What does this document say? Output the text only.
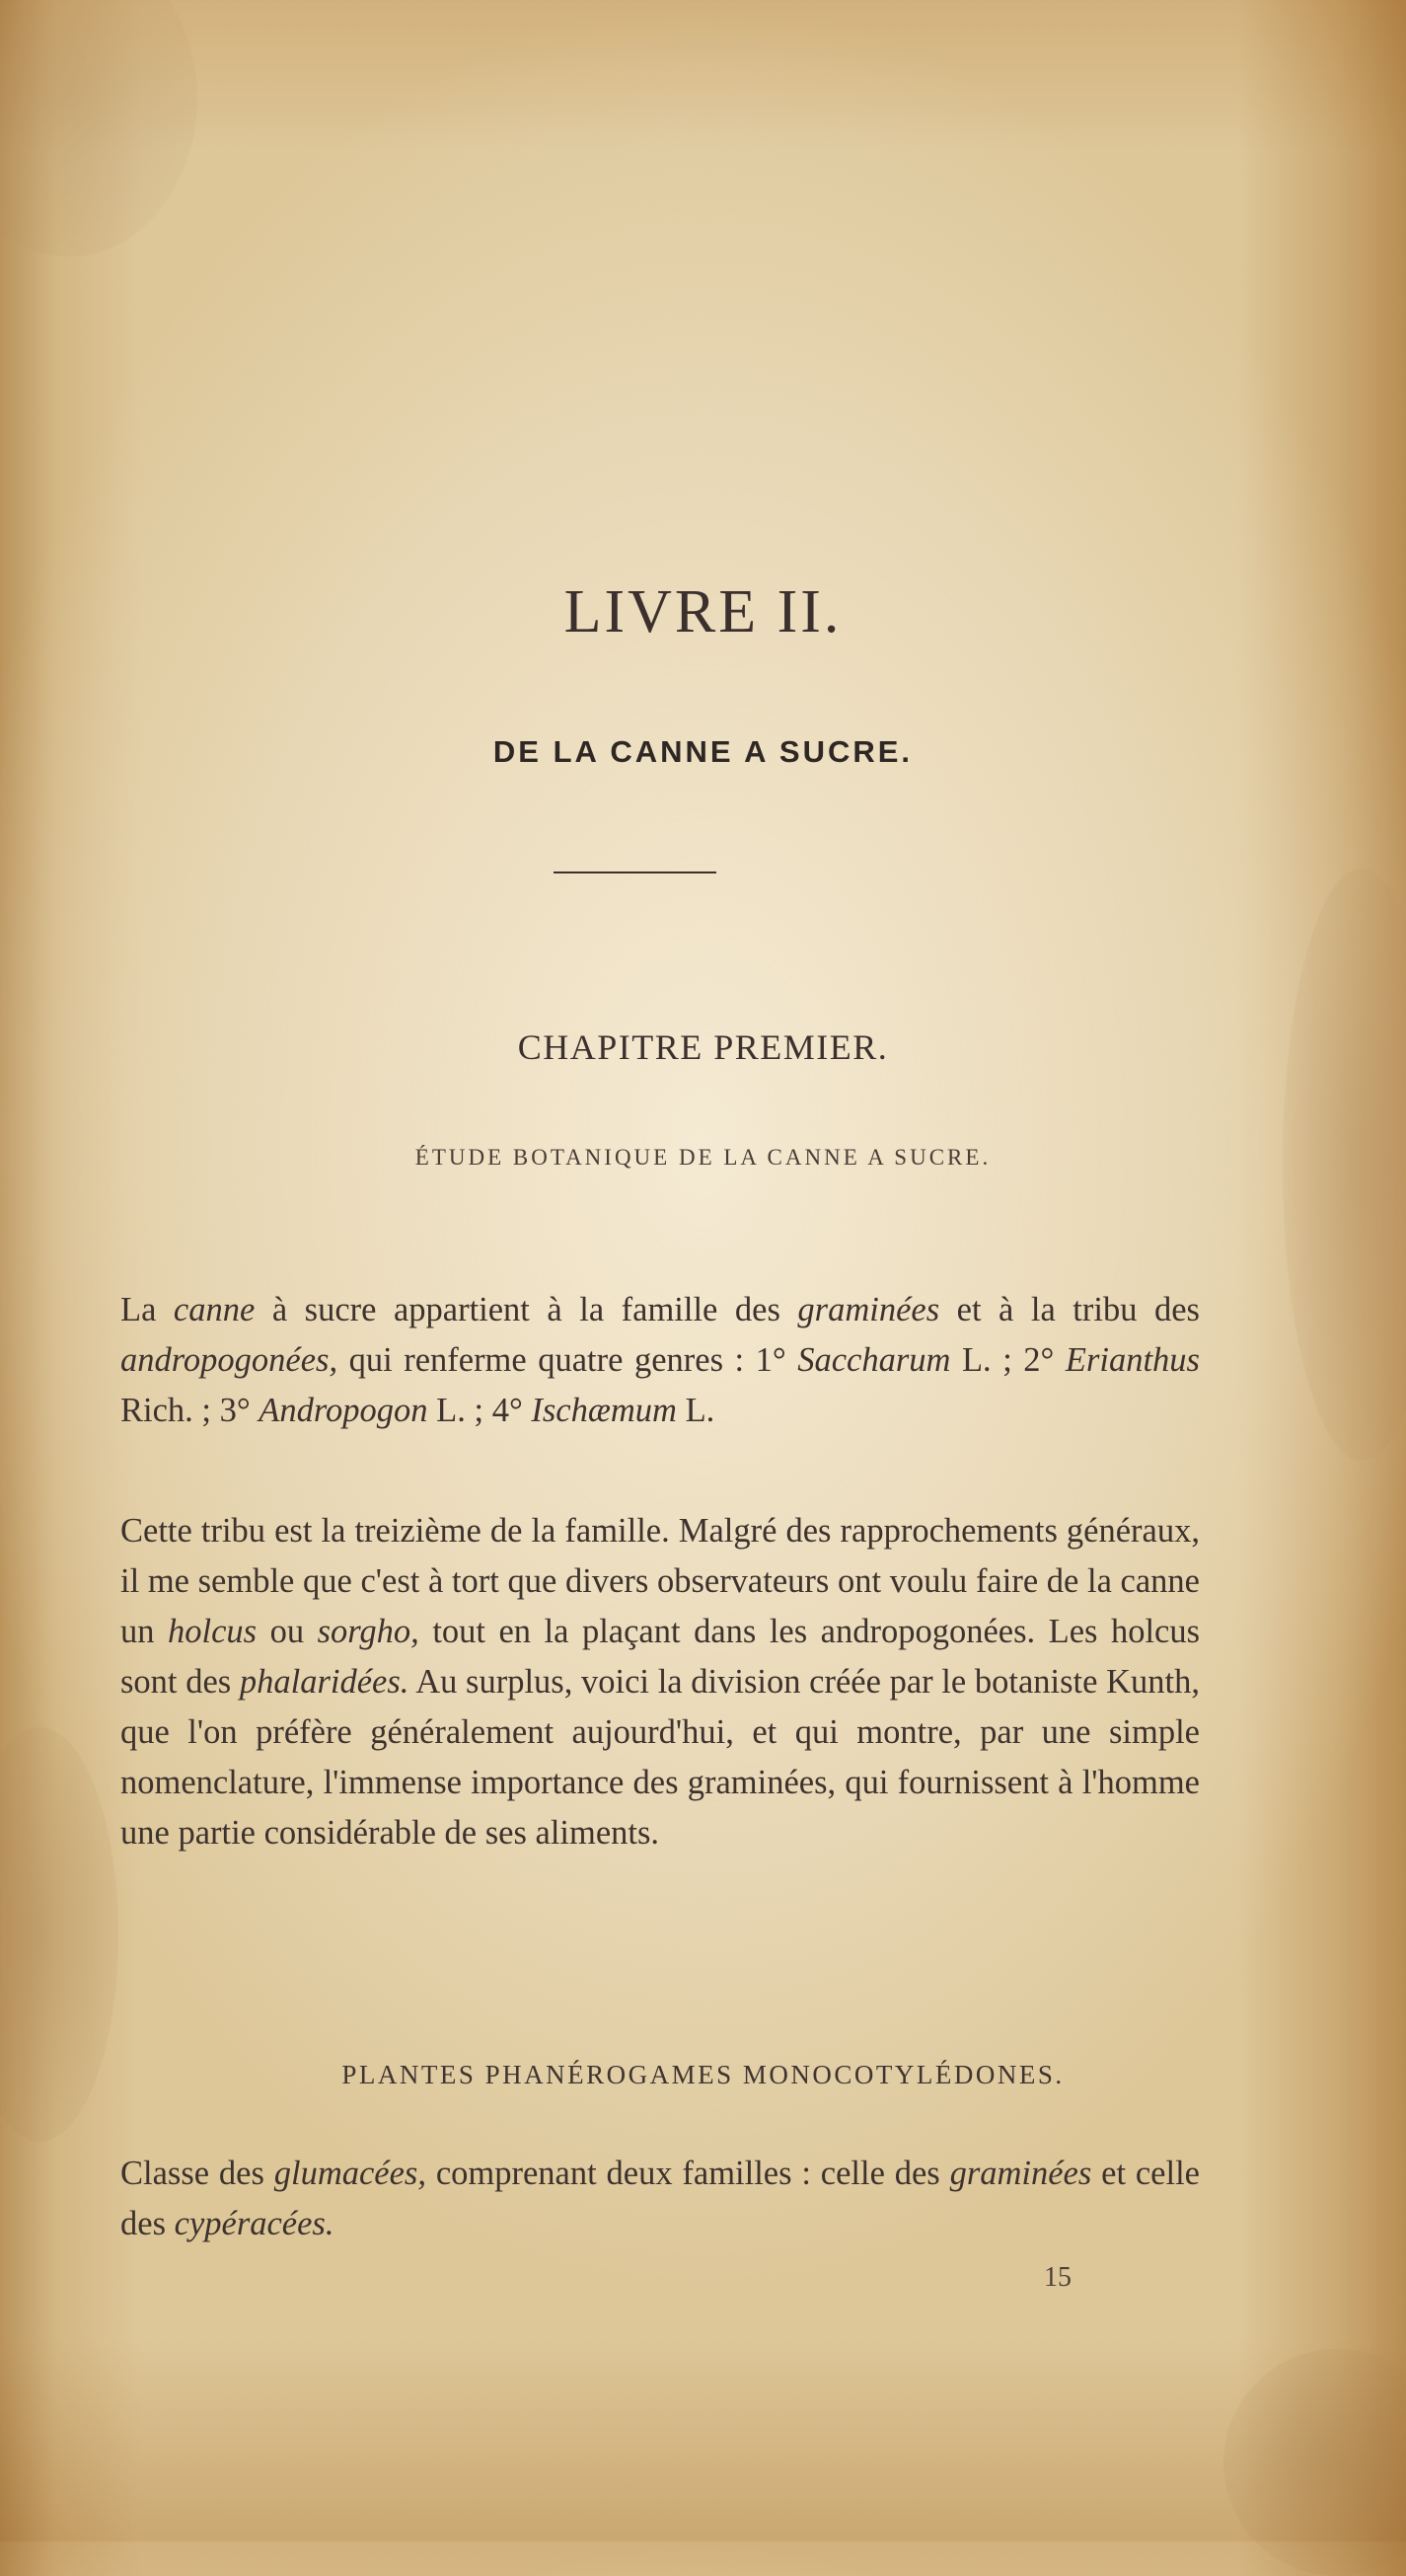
LIVRE II.
DE LA CANNE A SUCRE.
CHAPITRE PREMIER.
ÉTUDE BOTANIQUE DE LA CANNE A SUCRE.

La canne à sucre appartient à la famille des graminées et à la tribu des andropogonées, qui renferme quatre genres : 1° Saccharum L. ; 2° Erianthus Rich. ; 3° Andropogon L. ; 4° Ischæmum L.

Cette tribu est la treizième de la famille. Malgré des rapprochements généraux, il me semble que c'est à tort que divers observateurs ont voulu faire de la canne un holcus ou sorgho, tout en la plaçant dans les andropogonées. Les holcus sont des phalaridées. Au surplus, voici la division créée par le botaniste Kunth, que l'on préfère généralement aujourd'hui, et qui montre, par une simple nomenclature, l'immense importance des graminées, qui fournissent à l'homme une partie considérable de ses aliments.

PLANTES PHANÉROGAMES MONOCOTYLÉDONES.

Classe des glumacées, comprenant deux familles : celle des graminées et celle des cypéracées.

15
